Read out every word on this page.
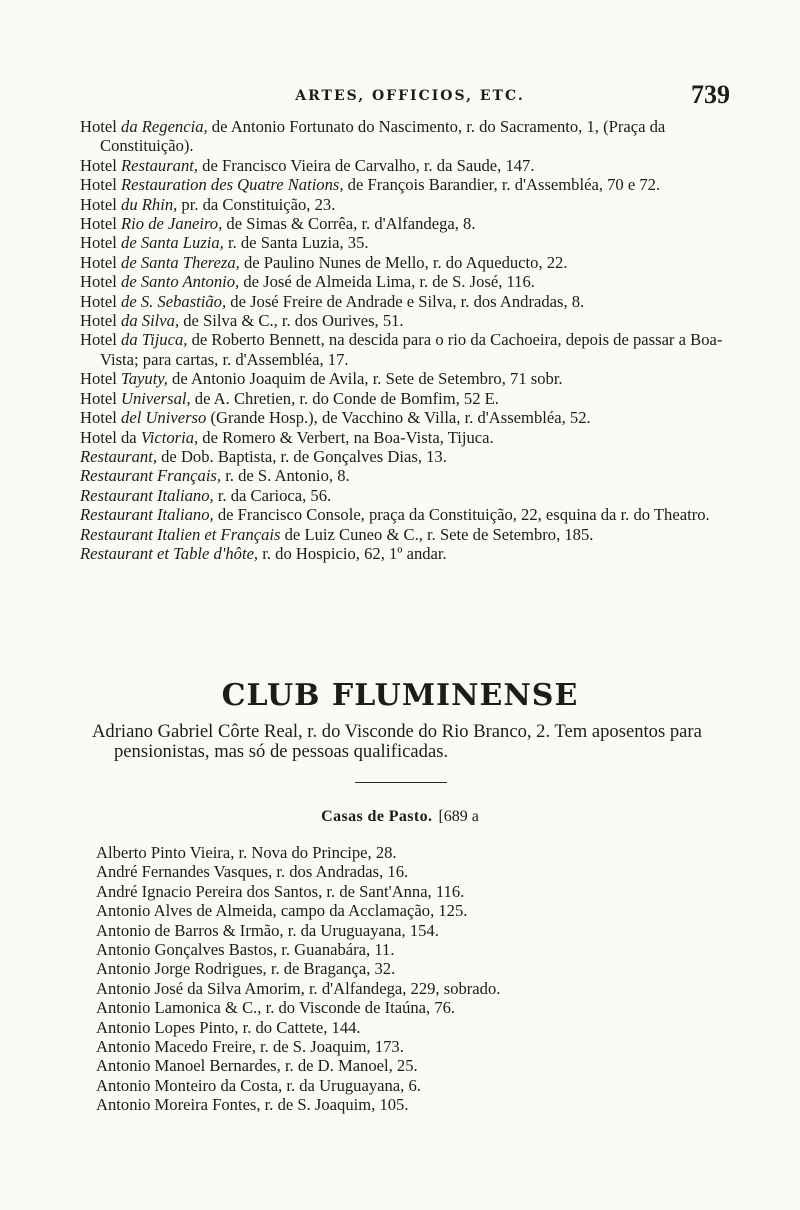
ARTES, OFFICIOS, ETC.	739
Hotel da Regencia, de Antonio Fortunato do Nascimento, r. do Sacramento, 1, (Praça da Constituição).
Hotel Restaurant, de Francisco Vieira de Carvalho, r. da Saude, 147.
Hotel Restauration des Quatre Nations, de François Barandier, r. d'Assembléa, 70 e 72.
Hotel du Rhin, pr. da Constituição, 23.
Hotel Rio de Janeiro, de Simas & Corrêa, r. d'Alfandega, 8.
Hotel de Santa Luzia, r. de Santa Luzia, 35.
Hotel de Santa Thereza, de Paulino Nunes de Mello, r. do Aqueducto, 22.
Hotel de Santo Antonio, de José de Almeida Lima, r. de S. José, 116.
Hotel de S. Sebastião, de José Freire de Andrade e Silva, r. dos Andradas, 8.
Hotel da Silva, de Silva & C., r. dos Ourives, 51.
Hotel da Tijuca, de Roberto Bennett, na descida para o rio da Cachoeira, depois de passar a Boa-Vista; para cartas, r. d'Assembléa, 17.
Hotel Tayuty, de Antonio Joaquim de Avila, r. Sete de Setembro, 71 sobr.
Hotel Universal, de A. Chretien, r. do Conde de Bomfim, 52 E.
Hotel del Universo (Grande Hosp.), de Vacchino & Villa, r. d'Assembléa, 52.
Hotel da Victoria, de Romero & Verbert, na Boa-Vista, Tijuca.
Restaurant, de Dob. Baptista, r. de Gonçalves Dias, 13.
Restaurant Français, r. de S. Antonio, 8.
Restaurant Italiano, r. da Carioca, 56.
Restaurant Italiano, de Francisco Console, praça da Constituição, 22, esquina da r. do Theatro.
Restaurant Italien et Français de Luiz Cuneo & C., r. Sete de Setembro, 185.
Restaurant et Table d'hôte, r. do Hospicio, 62, 1º andar.
CLUB FLUMINENSE
Adriano Gabriel Côrte Real, r. do Visconde do Rio Branco, 2. Tem aposentos para pensionistas, mas só de pessoas qualificadas.
Casas de Pasto. [689 a
Alberto Pinto Vieira, r. Nova do Principe, 28.
André Fernandes Vasques, r. dos Andradas, 16.
André Ignacio Pereira dos Santos, r. de Sant'Anna, 116.
Antonio Alves de Almeida, campo da Acclamação, 125.
Antonio de Barros & Irmão, r. da Uruguayana, 154.
Antonio Gonçalves Bastos, r. Guanabára, 11.
Antonio Jorge Rodrigues, r. de Bragança, 32.
Antonio José da Silva Amorim, r. d'Alfandega, 229, sobrado.
Antonio Lamonica & C., r. do Visconde de Itaúna, 76.
Antonio Lopes Pinto, r. do Cattete, 144.
Antonio Macedo Freire, r. de S. Joaquim, 173.
Antonio Manoel Bernardes, r. de D. Manoel, 25.
Antonio Monteiro da Costa, r. da Uruguayana, 6.
Antonio Moreira Fontes, r. de S. Joaquim, 105.
